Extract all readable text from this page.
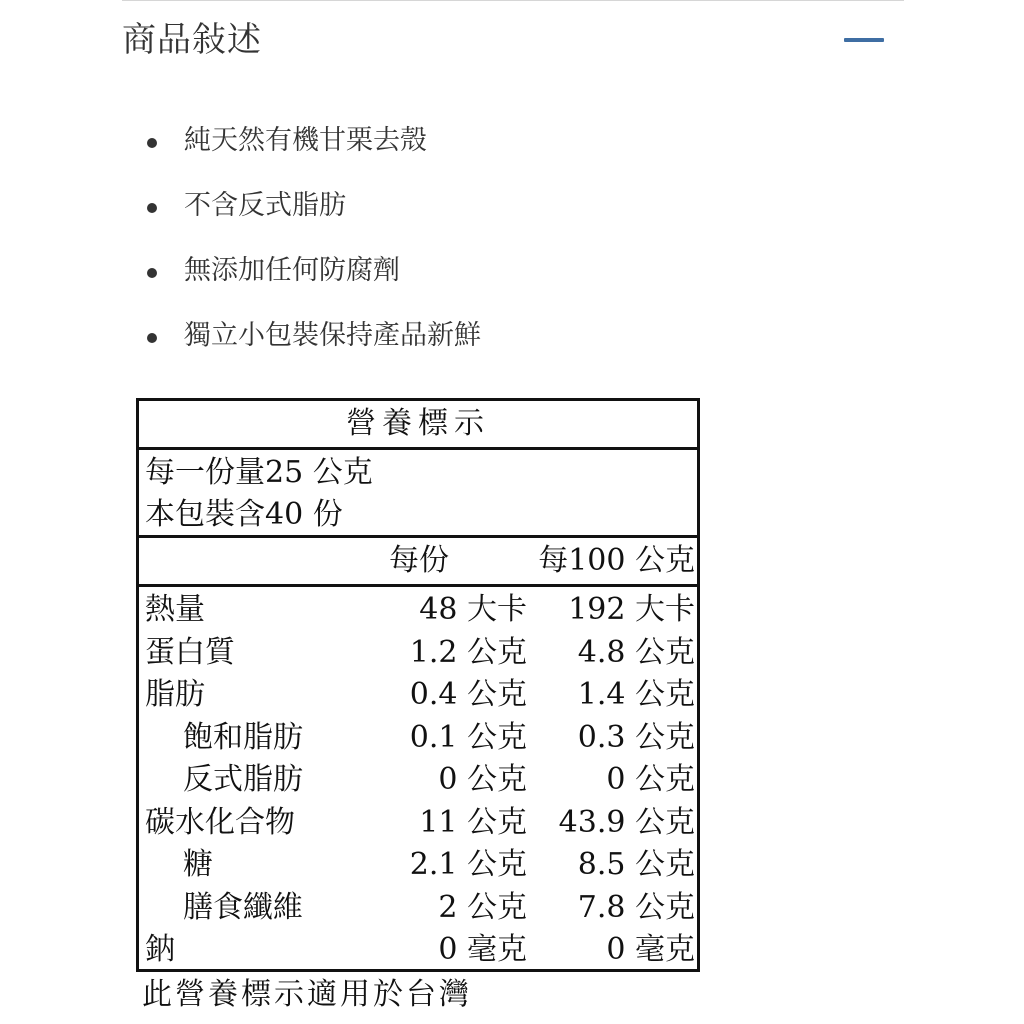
商品敍述
純天然有機甘栗去殼
不含反式脂肪
無添加任何防腐劑
獨立小包裝保持產品新鮮
營養標示
每一份量25 公克
本包裝含40 份
每份	每100 公克
熱量	48 大卡 192 大卡
蛋白質	1.2 公克 4.8 公克
脂肪	0.4 公克 1.4 公克
飽和脂肪	0.1 公克 0.3 公克
反式脂肪	0 公克	0 公克
碳水化合物	11 公克 43.9 公克
糖	2.1 公克 8.5 公克
膳食纖維	2 公克 7.8 公克
鈉	0 毫克	0 毫克
此營養標示適用於台灣
